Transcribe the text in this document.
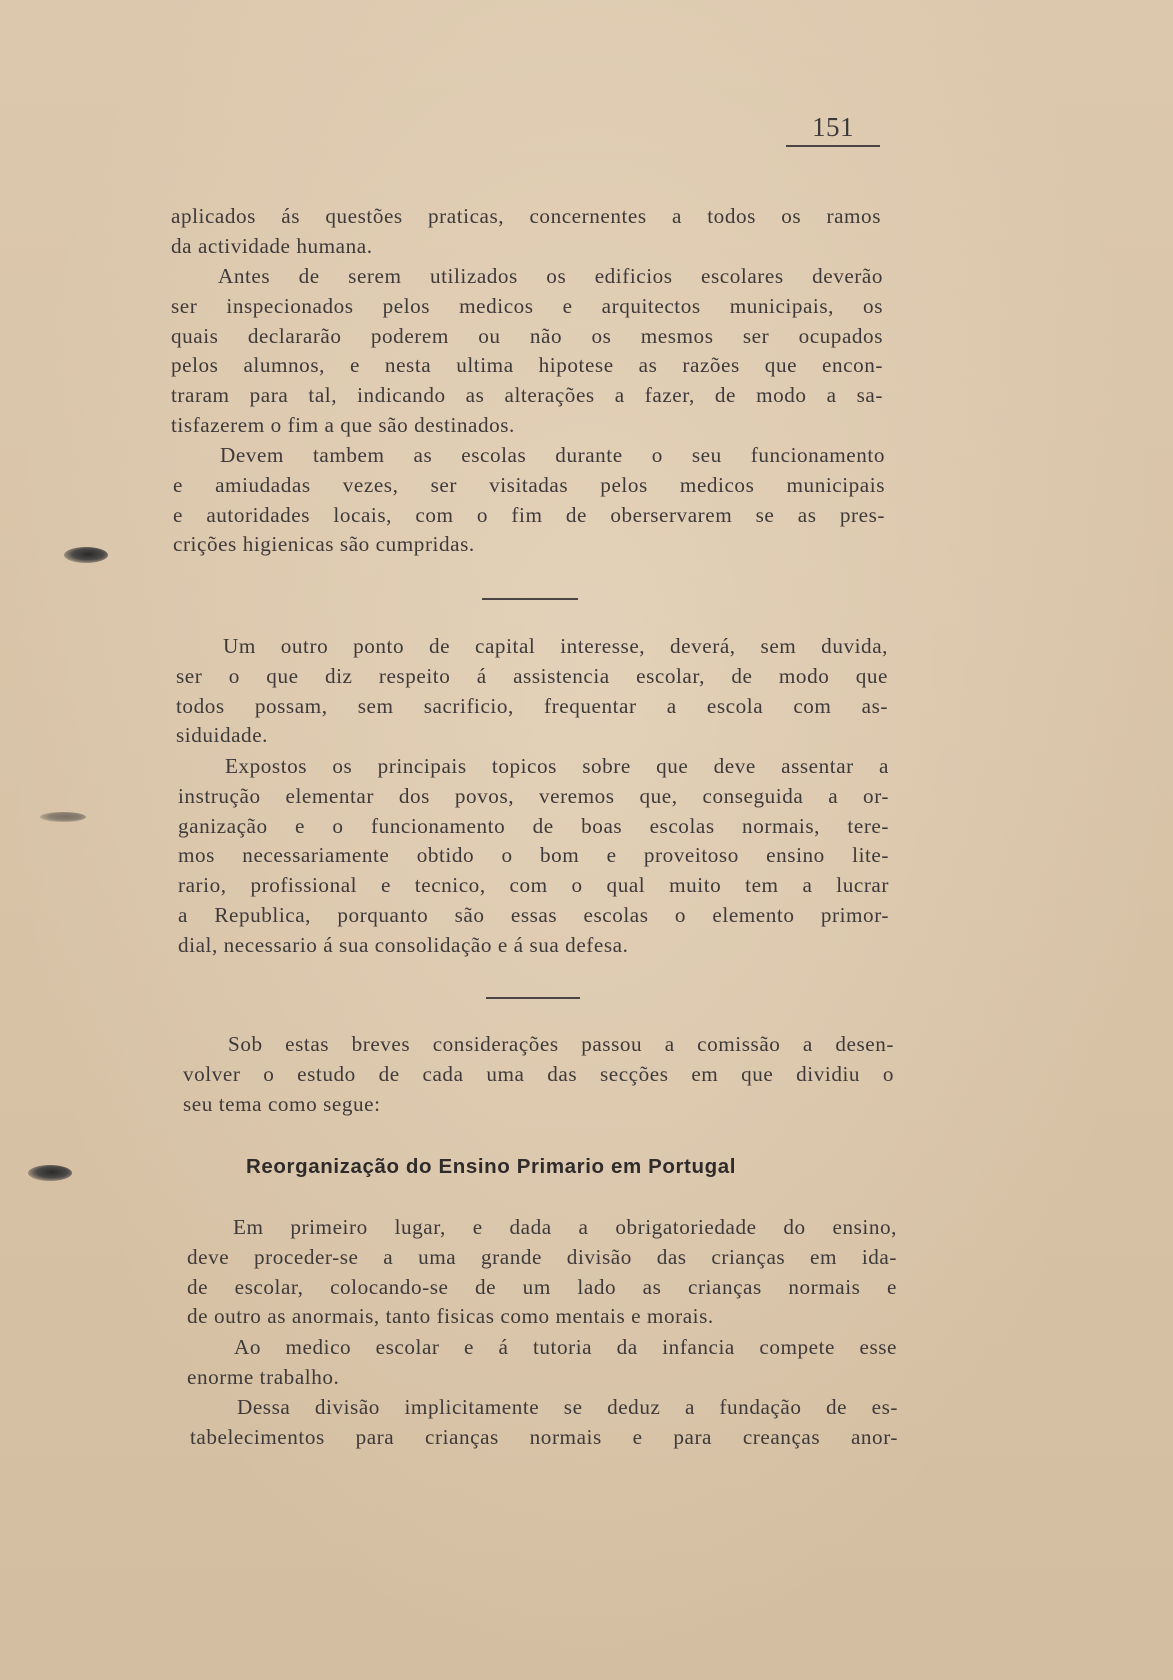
151
aplicados ás questões praticas, concernentes a todos os ramos
da actividade humana.
Antes de serem utilizados os edificios escolares deverão
ser inspecionados pelos medicos e arquitectos municipais, os
quais declararão poderem ou não os mesmos ser ocupados
pelos alumnos, e nesta ultima hipotese as razões que encon-
traram para tal, indicando as alterações a fazer, de modo a sa-
tisfazerem o fim a que são destinados.
Devem tambem as escolas durante o seu funcionamento
e amiudadas vezes, ser visitadas pelos medicos municipais
e autoridades locais, com o fim de oberservarem se as pres-
crições higienicas são cumpridas.
Um outro ponto de capital interesse, deverá, sem duvida,
ser o que diz respeito á assistencia escolar, de modo que
todos possam, sem sacrificio, frequentar a escola com as-
siduidade.
Expostos os principais topicos sobre que deve assentar a
instrução elementar dos povos, veremos que, conseguida a or-
ganização e o funcionamento de boas escolas normais, tere-
mos necessariamente obtido o bom e proveitoso ensino lite-
rario, profissional e tecnico, com o qual muito tem a lucrar
a Republica, porquanto são essas escolas o elemento primor-
dial, necessario á sua consolidação e á sua defesa.
Sob estas breves considerações passou a comissão a desen-
volver o estudo de cada uma das secções em que dividiu o
seu tema como segue:
Reorganização do Ensino Primario em Portugal
Em primeiro lugar, e dada a obrigatoriedade do ensino,
deve proceder-se a uma grande divisão das crianças em ida-
de escolar, colocando-se de um lado as crianças normais e
de outro as anormais, tanto fisicas como mentais e morais.
Ao medico escolar e á tutoria da infancia compete esse
enorme trabalho.
Dessa divisão implicitamente se deduz a fundação de es-
tabelecimentos para crianças normais e para creanças anor-
